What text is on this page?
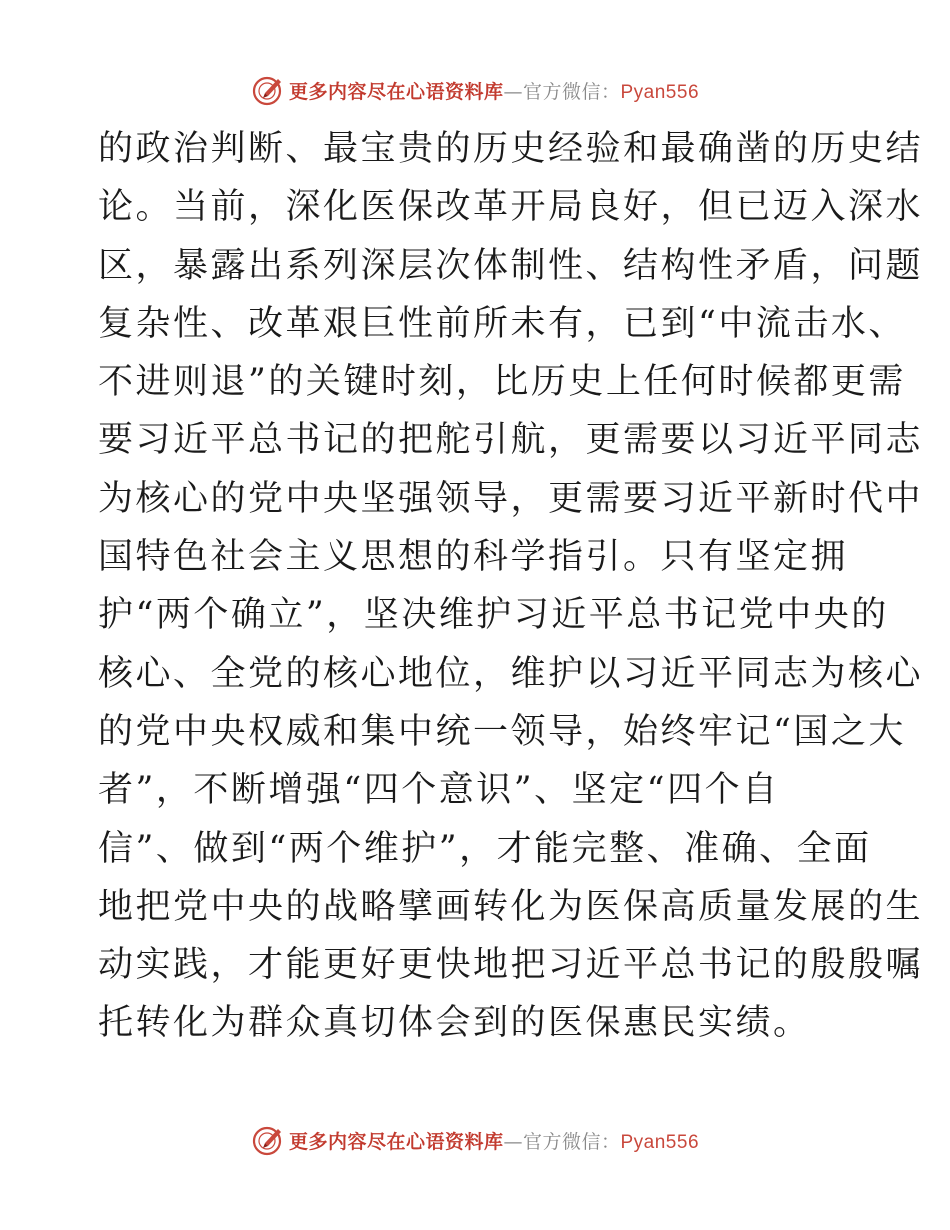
更多内容尽在心语资料库—官方微信：Pyan556
的政治判断、最宝贵的历史经验和最确凿的历史结
论。当前，深化医保改革开局良好，但已迈入深水
区，暴露出系列深层次体制性、结构性矛盾，问题
复杂性、改革艰巨性前所未有，已到“中流击水、
不进则退”的关键时刻，比历史上任何时候都更需
要习近平总书记的把舵引航，更需要以习近平同志
为核心的党中央坚强领导，更需要习近平新时代中
国特色社会主义思想的科学指引。只有坚定拥
护“两个确立”，坚决维护习近平总书记党中央的
核心、全党的核心地位，维护以习近平同志为核心
的党中央权威和集中统一领导，始终牢记“国之大
者”，不断增强“四个意识”、坚定“四个自
信”、做到“两个维护”，才能完整、准确、全面
地把党中央的战略擘画转化为医保高质量发展的生
动实践，才能更好更快地把习近平总书记的殷殷嘱
托转化为群众真切体会到的医保惠民实绩。
更多内容尽在心语资料库—官方微信：Pyan556
